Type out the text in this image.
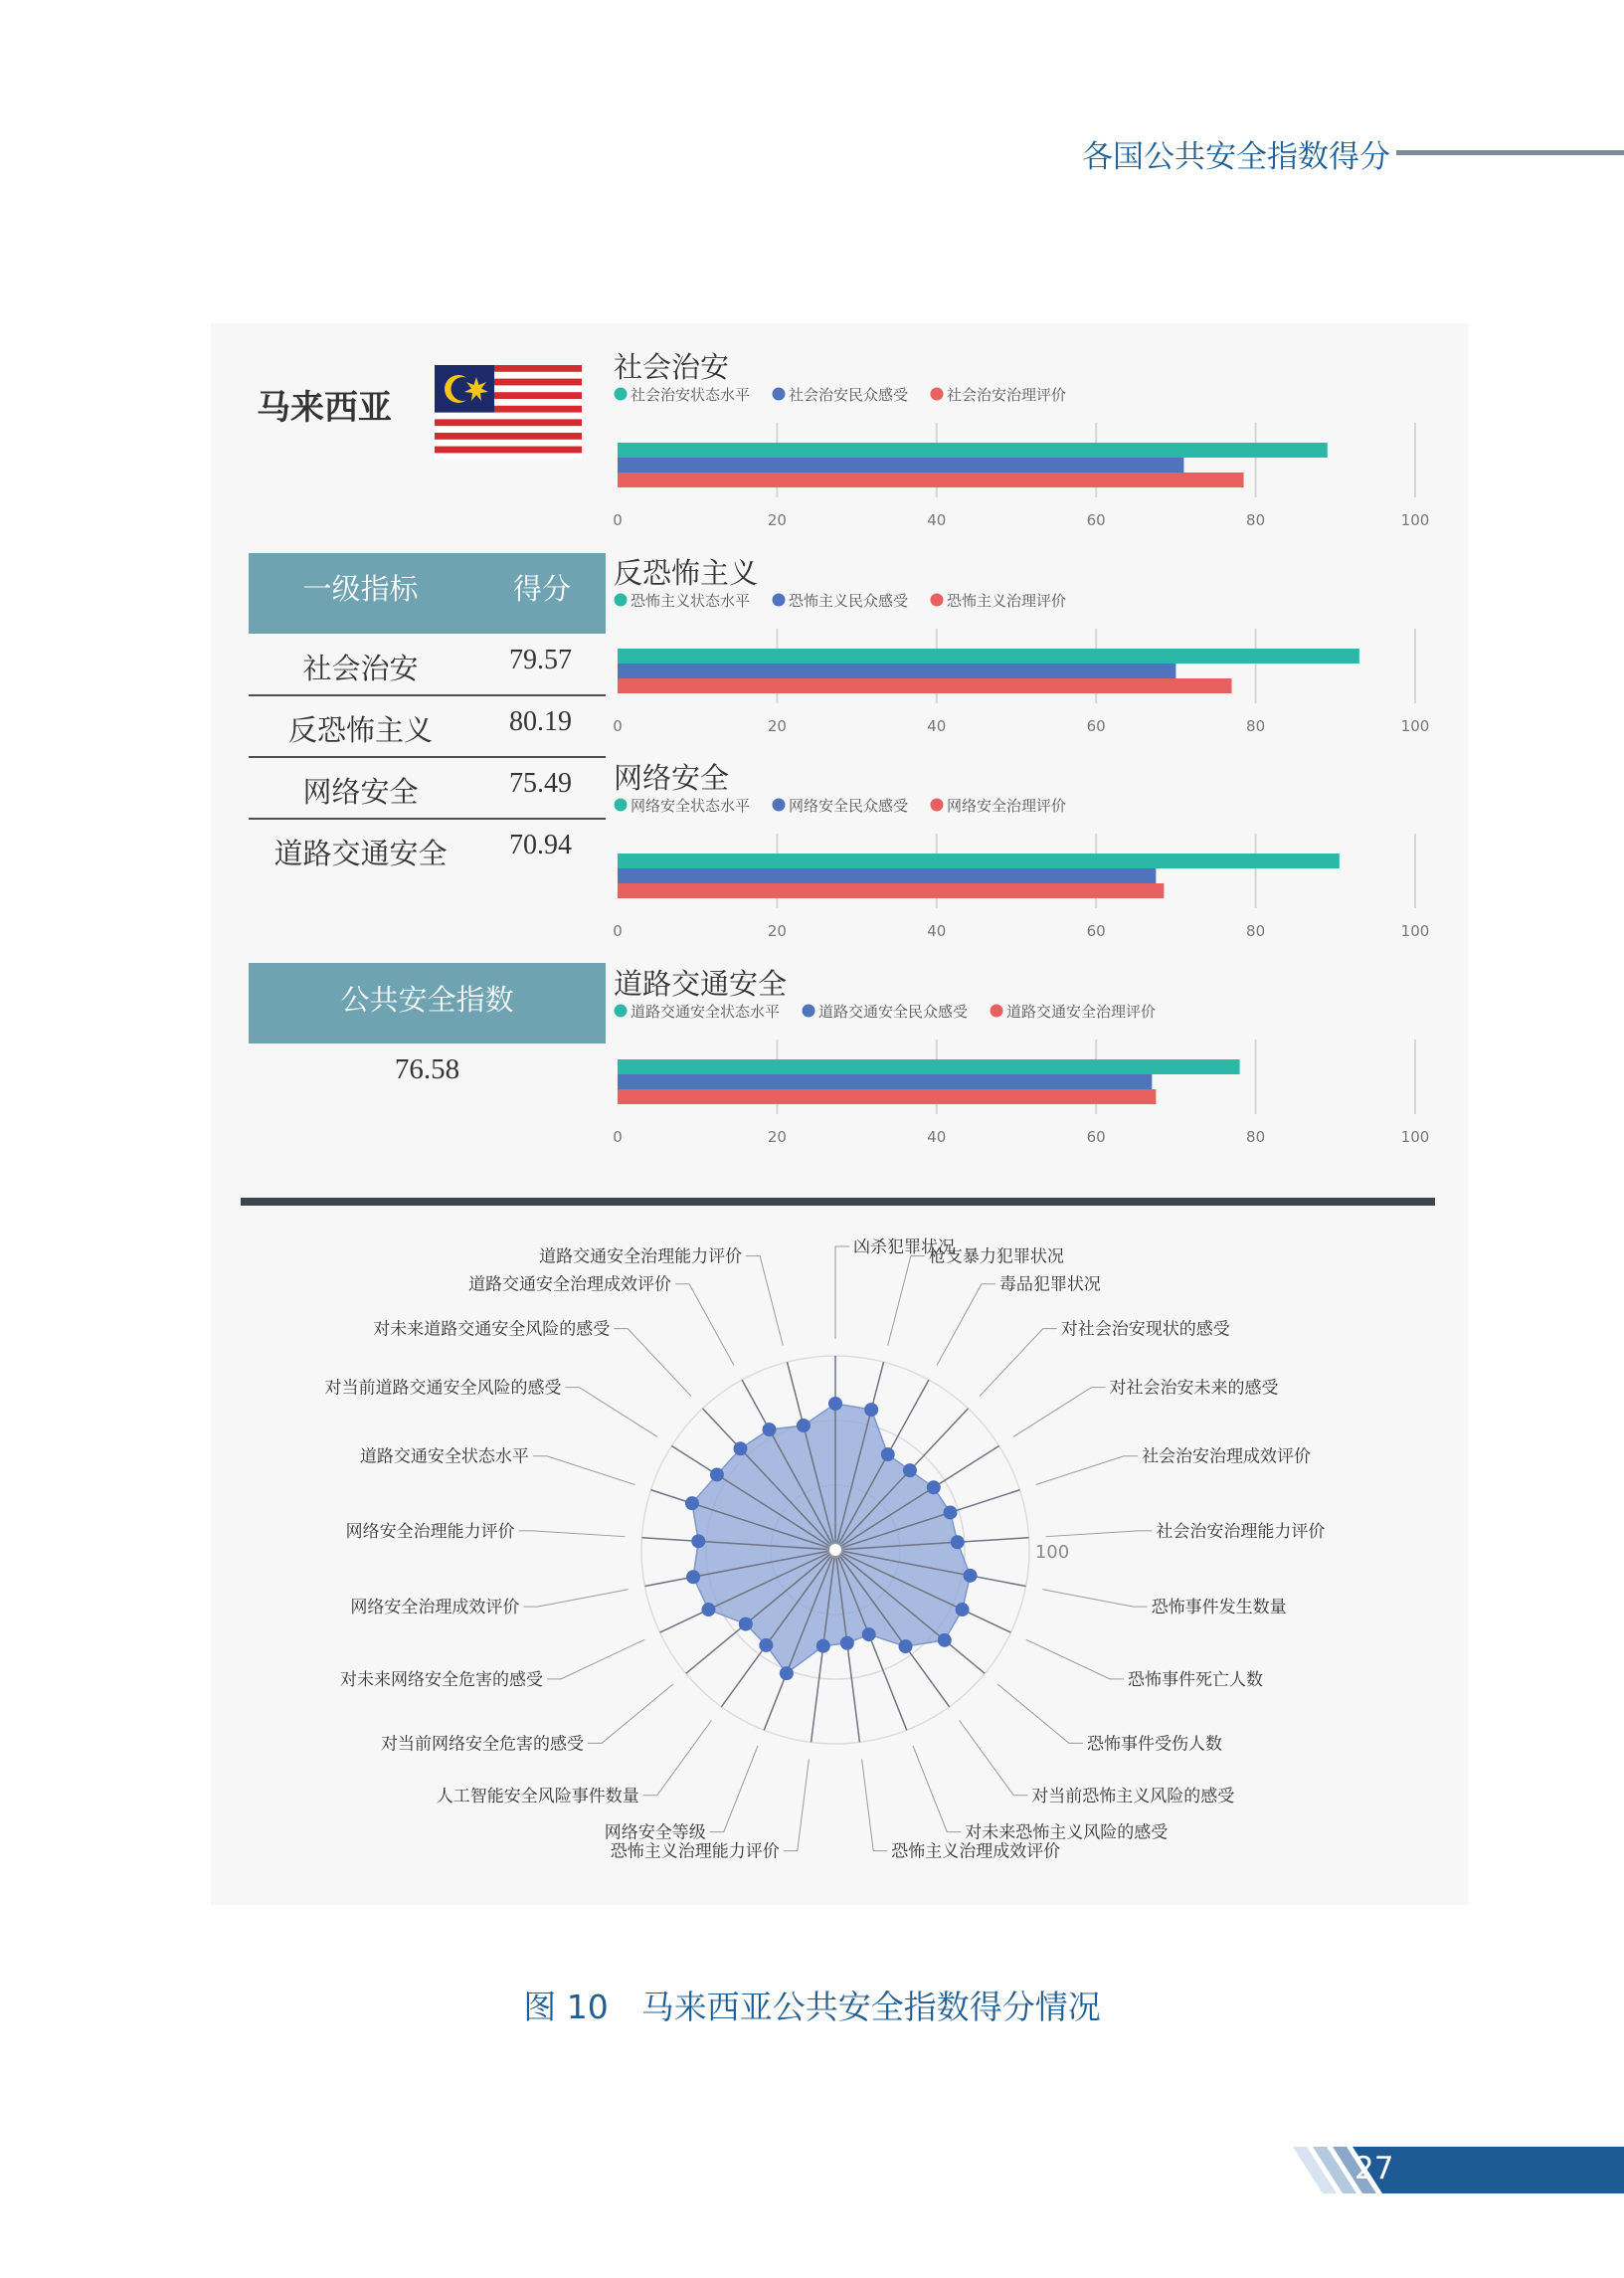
各国公共安全指数得分
马来西亚
一级指标	得分
社会治安	79.57
反恐怖主义	80.19
网络安全	75.49
道路交通安全	70.94
公共安全指数
76.58
社会治安
社会治安状态水平	社会治安民众感受	社会治安治理评价
0	20	40	60	80	100
反恐怖主义
恐怖主义状态水平	恐怖主义民众感受	恐怖主义治理评价
0	20	40	60	80	100
网络安全
网络安全状态水平	网络安全民众感受	网络安全治理评价
0	20	40	60	80	100
道路交通安全
道路交通安全状态水平	道路交通安全民众感受	道路交通安全治理评价
0	20	40	60	80	100
100
凶杀犯罪状况
枪支暴力犯罪状况
毒品犯罪状况
对社会治安现状的感受
对社会治安未来的感受
社会治安治理成效评价
社会治安治理能力评价
恐怖事件发生数量
恐怖事件死亡人数
恐怖事件受伤人数
对当前恐怖主义风险的感受
对未来恐怖主义风险的感受
恐怖主义治理成效评价
恐怖主义治理能力评价
网络安全等级
人工智能安全风险事件数量
对当前网络安全危害的感受
对未来网络安全危害的感受
网络安全治理成效评价
网络安全治理能力评价
道路交通安全状态水平
对当前道路交通安全风险的感受
对未来道路交通安全风险的感受
道路交通安全治理成效评价
道路交通安全治理能力评价
图 10　马来西亚公共安全指数得分情况
27
